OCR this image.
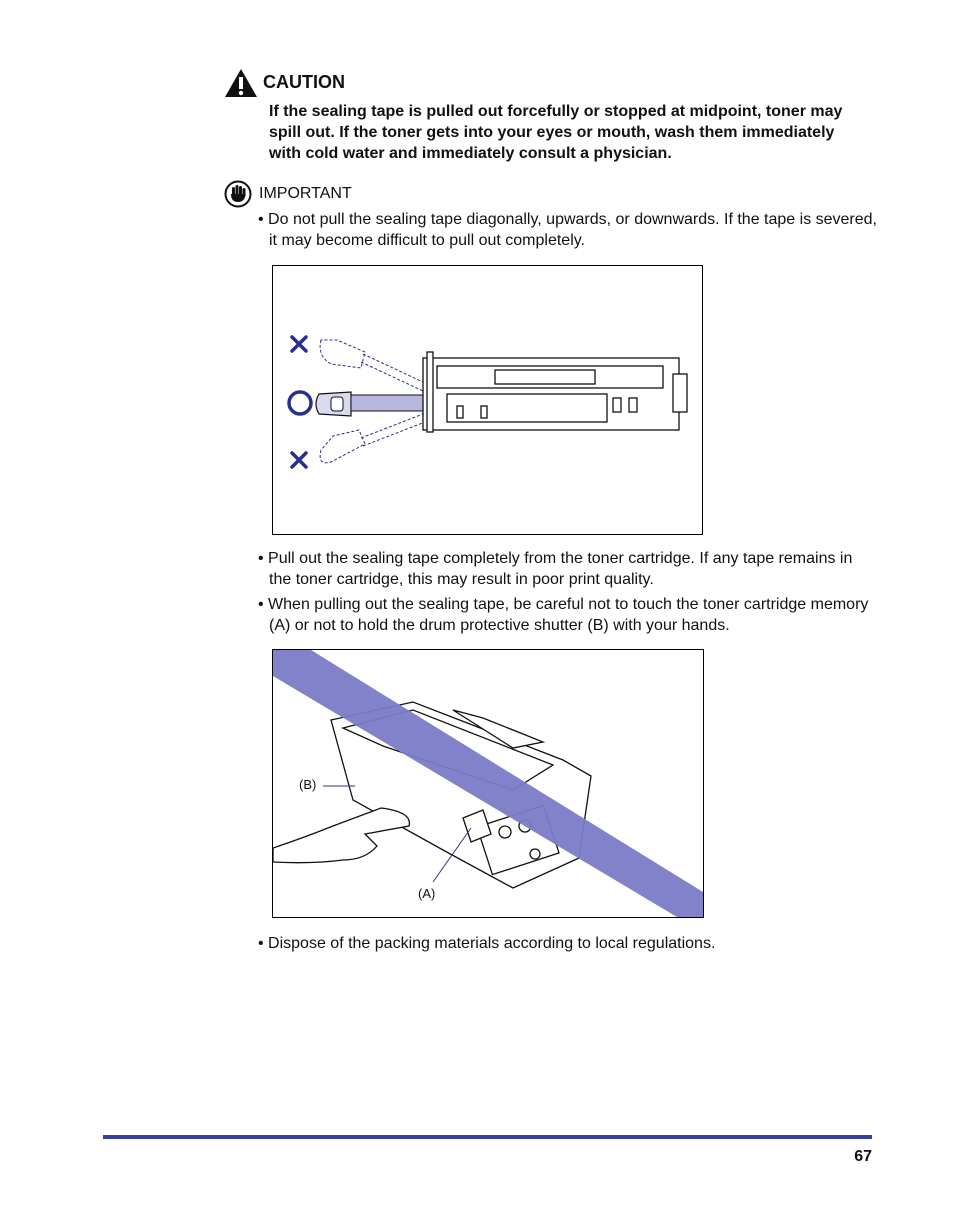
CAUTION
If the sealing tape is pulled out forcefully or stopped at midpoint, toner may spill out. If the toner gets into your eyes or mouth, wash them immediately with cold water and immediately consult a physician.
IMPORTANT
• Do not pull the sealing tape diagonally, upwards, or downwards. If the tape is severed, it may become difficult to pull out completely.
• Pull out the sealing tape completely from the toner cartridge. If any tape remains in the toner cartridge, this may result in poor print quality.
• When pulling out the sealing tape, be careful not to touch the toner cartridge memory (A) or not to hold the drum protective shutter (B) with your hands.
(B)
(A)
• Dispose of the packing materials according to local regulations.
67
